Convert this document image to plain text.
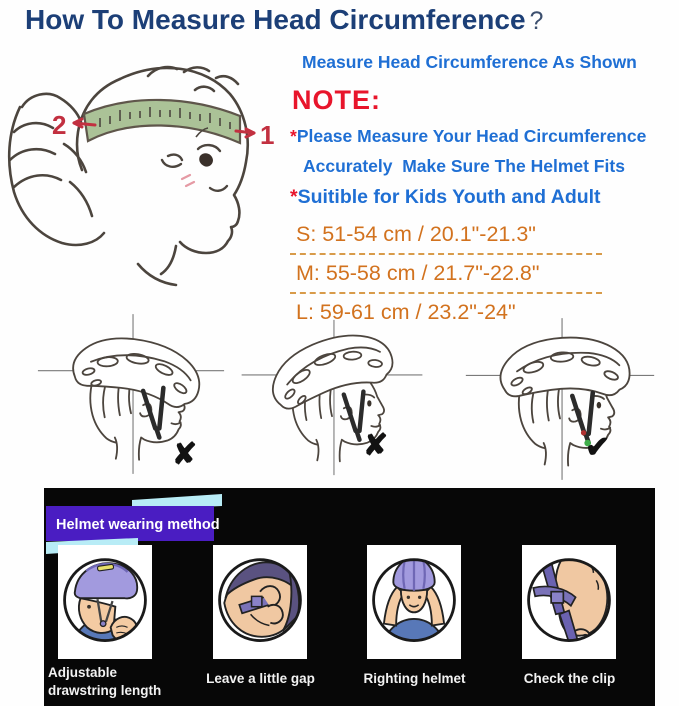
How To Measure Head Circumference ?
2	1
Measure Head Circumference As Shown
NOTE:
*Please Measure Your Head Circumference
Accurately  Make Sure The Helmet Fits
*Suitible for Kids Youth and Adult
S: 51-54 cm / 20.1"-21.3"
M: 55-58 cm / 21.7"-22.8"
L: 59-61 cm / 23.2"-24"
✘	✘	✔
Helmet wearing method
Adjustable drawstring length
Leave a little gap	Righting helmet	Check the clip
